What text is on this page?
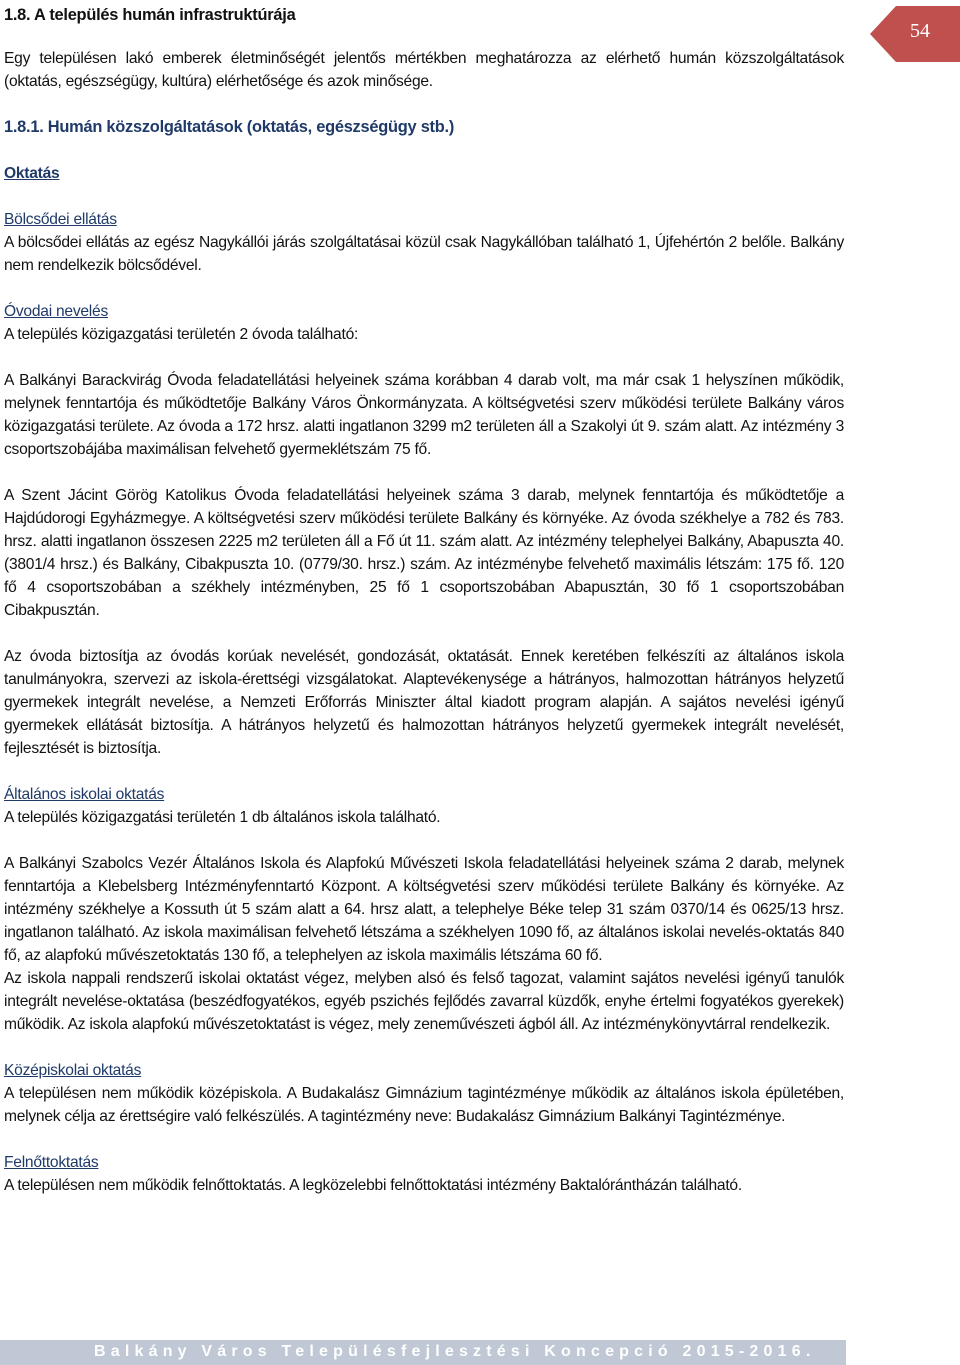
54

1.8. A település humán infrastruktúrája

Egy településen lakó emberek életminőségét jelentős mértékben meghatározza az elérhető humán közszolgáltatások (oktatás, egészségügy, kultúra) elérhetősége és azok minősége.

1.8.1. Humán közszolgáltatások (oktatás, egészségügy stb.)

Oktatás

Bölcsődei ellátás

A bölcsődei ellátás az egész Nagykállói járás szolgáltatásai közül csak Nagykállóban található 1, Újfehértón 2 belőle. Balkány nem rendelkezik bölcsődével.

Óvodai nevelés

A település közigazgatási területén 2 óvoda található:

A Balkányi Barackvirág Óvoda feladatellátási helyeinek száma korábban 4 darab volt, ma már csak 1 helyszínen működik, melynek fenntartója és működtetője Balkány Város Önkormányzata. A költségvetési szerv működési területe Balkány város közigazgatási területe. Az óvoda a 172 hrsz. alatti ingatlanon 3299 m2 területen áll a Szakolyi út 9. szám alatt. Az intézmény 3 csoportszobájába maximálisan felvehető gyermeklétszám 75 fő.

A Szent Jácint Görög Katolikus Óvoda feladatellátási helyeinek száma 3 darab, melynek fenntartója és működtetője a Hajdúdorogi Egyházmegye. A költségvetési szerv működési területe Balkány és környéke. Az óvoda székhelye a 782 és 783. hrsz. alatti ingatlanon összesen 2225 m2 területen áll a Fő út 11. szám alatt. Az intézmény telephelyei Balkány, Abapuszta 40. (3801/4 hrsz.) és Balkány, Cibakpuszta 10. (0779/30. hrsz.) szám. Az intézménybe felvehető maximális létszám: 175 fő. 120 fő 4 csoportszobában a székhely intézményben, 25 fő 1 csoportszobában Abapusztán, 30 fő 1 csoportszobában Cibakpusztán.

Az óvoda biztosítja az óvodás korúak nevelését, gondozását, oktatását. Ennek keretében felkészíti az általános iskola tanulmányokra, szervezi az iskola-érettségi vizsgálatokat. Alaptevékenysége a hátrányos, halmozottan hátrányos helyzetű gyermekek integrált nevelése, a Nemzeti Erőforrás Miniszter által kiadott program alapján. A sajátos nevelési igényű gyermekek ellátását biztosítja. A hátrányos helyzetű és halmozottan hátrányos helyzetű gyermekek integrált nevelését, fejlesztését is biztosítja.

Általános iskolai oktatás

A település közigazgatási területén 1 db általános iskola található.

A Balkányi Szabolcs Vezér Általános Iskola és Alapfokú Művészeti Iskola feladatellátási helyeinek száma 2 darab, melynek fenntartója a Klebelsberg Intézményfenntartó Központ. A költségvetési szerv működési területe Balkány és környéke. Az intézmény székhelye a Kossuth út 5 szám alatt a 64. hrsz alatt, a telephelye Béke telep 31 szám 0370/14 és 0625/13 hrsz. ingatlanon található. Az iskola maximálisan felvehető létszáma a székhelyen 1090 fő, az általános iskolai nevelés-oktatás 840 fő, az alapfokú művészetoktatás 130 fő, a telephelyen az iskola maximális létszáma 60 fő.

Az iskola nappali rendszerű iskolai oktatást végez, melyben alsó és felső tagozat, valamint sajátos nevelési igényű tanulók integrált nevelése-oktatása (beszédfogyatékos, egyéb pszichés fejlődés zavarral küzdők, enyhe értelmi fogyatékos gyerekek) működik. Az iskola alapfokú művészetoktatást is végez, mely zeneművészeti ágból áll. Az intézménykönyvtárral rendelkezik.

Középiskolai oktatás

A településen nem működik középiskola. A Budakalász Gimnázium tagintézménye működik az általános iskola épületében, melynek célja az érettségire való felkészülés. A tagintézmény neve: Budakalász Gimnázium Balkányi Tagintézménye.

Felnőttoktatás

A településen nem működik felnőttoktatás. A legközelebbi felnőttoktatási intézmény Baktalórántházán található.

Balkány Város Településfejlesztési Koncepció 2015-2016.
